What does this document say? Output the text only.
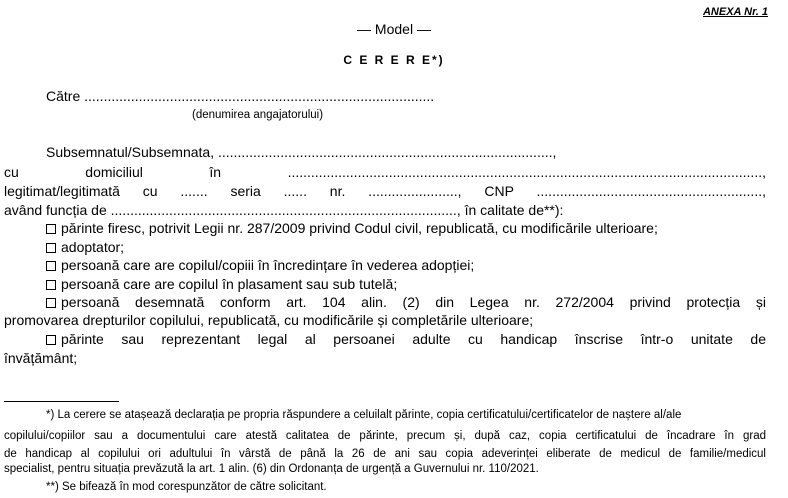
ANEXA Nr. 1
— Model —
C E R E R E*)
Către ..........................................................................................
(denumirea angajatorului)
Subsemnatul/Subsemnata, ......................................................................................,
cu domiciliul în ..........................................................................................................................,
legitimat/legitimată cu ....... seria ...... nr. ......................., CNP ..........................................................,
având funcția de ........................................................................................., în calitate de**):
părinte firesc, potrivit Legii nr. 287/2009 privind Codul civil, republicată, cu modificările ulterioare;
adoptator;
persoană care are copilul/copiii în încredințare în vederea adopției;
persoană care are copilul în plasament sau sub tutelă;
persoană desemnată conform art. 104 alin. (2) din Legea nr. 272/2004 privind protecția și
promovarea drepturilor copilului, republicată, cu modificările și completările ulterioare;
părinte sau reprezentant legal al persoanei adulte cu handicap înscrise într-o unitate de
învățământ;
*) La cerere se atașează declarația pe propria răspundere a celuilalt părinte, copia certificatului/certificatelor de naștere al/ale
copilului/copiilor sau a documentului care atestă calitatea de părinte, precum și, după caz, copia certificatului de încadrare în grad
de handicap al copilului ori adultului în vârstă de până la 26 de ani sau copia adeverinței eliberate de medicul de familie/medicul
specialist, pentru situația prevăzută la art. 1 alin. (6) din Ordonanța de urgență a Guvernului nr. 110/2021.
**) Se bifează în mod corespunzător de către solicitant.
